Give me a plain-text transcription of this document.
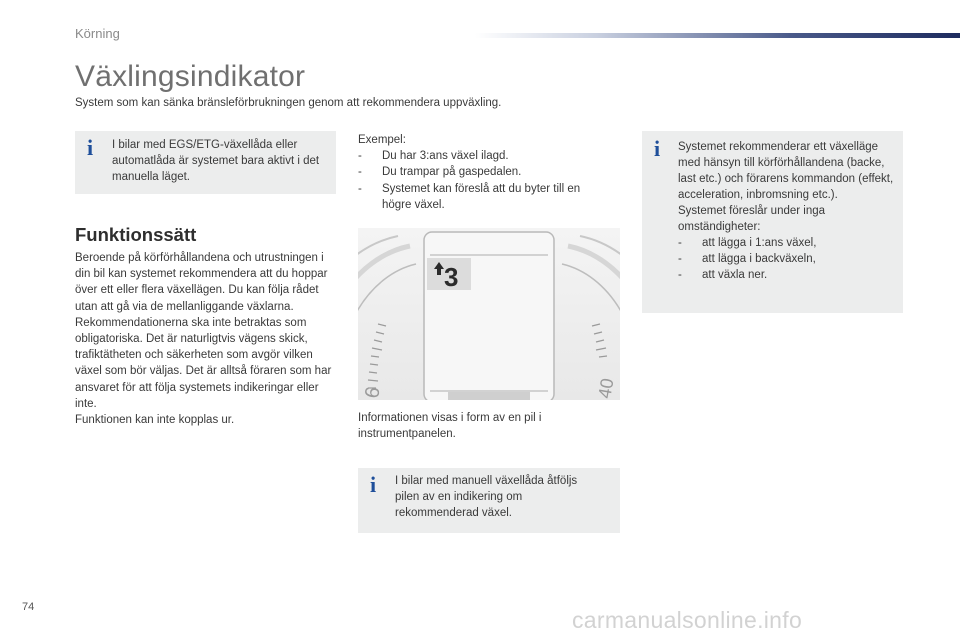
Körning
Växlingsindikator
System som kan sänka bränsleförbrukningen genom att rekommendera uppväxling.
i I bilar med EGS/ETG-växellåda eller automatlåda är systemet bara aktivt i det manuella läget.
Funktionssätt
Beroende på körförhållandena och utrustningen i din bil kan systemet rekommendera att du hoppar över ett eller flera växellägen. Du kan följa rådet utan att gå via de mellanliggande växlarna.
Rekommendationerna ska inte betraktas som obligatoriska. Det är naturligtvis vägens skick, trafiktätheten och säkerheten som avgör vilken växel som bör väljas. Det är alltså föraren som har ansvaret för att följa systemets indikeringar eller inte.
Funktionen kan inte kopplas ur.
Exempel:
- Du har 3:ans växel ilagd.
- Du trampar på gaspedalen.
- Systemet kan föreslå att du byter till en högre växel.
6	40
3
Informationen visas i form av en pil i instrumentpanelen.
i I bilar med manuell växellåda åtföljs pilen av en indikering om rekommenderad växel.
i Systemet rekommenderar ett växelläge med hänsyn till körförhållandena (backe, last etc.) och förarens kommandon (effekt, acceleration, inbromsning etc.).
Systemet föreslår under inga omständigheter:
- att lägga i 1:ans växel,
- att lägga i backväxeln,
- att växla ner.
74	carmanualsonline.info
